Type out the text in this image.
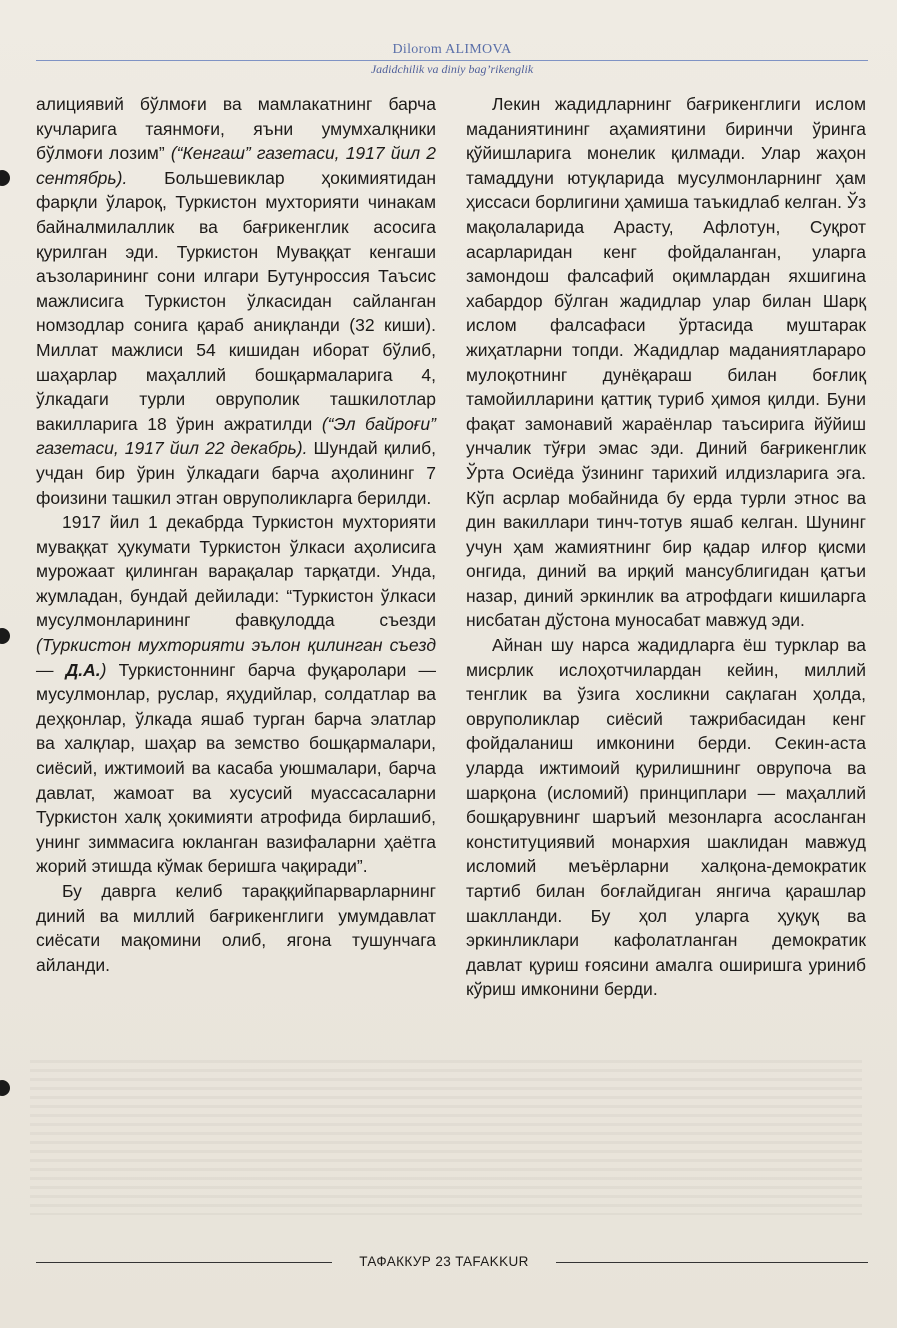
Dilorom ALIMOVA
Jadidchilik va diniy bag’rikenglik

алициявий бўлмоғи ва мамлакатнинг барча кучларига таянмоғи, яъни умумхалқники бўлмоғи лозим” (“Кенгаш” газетаси, 1917 йил 2 сентябрь). Большевиклар ҳокимиятидан фарқли ўлароқ, Туркистон мухторияти чинакам байналмилаллик ва бағрикенглик асосига қурилган эди. Туркистон Муваққат кенгаши аъзоларининг сони илгари Бутунроссия Таъсис мажлисига Туркистон ўлкасидан сайланган номзодлар сонига қараб аниқланди (32 киши). Миллат мажлиси 54 кишидан иборат бўлиб, шаҳарлар маҳаллий бошқармаларига 4, ўлкадаги турли овруполик ташкилотлар вакилларига 18 ўрин ажратилди (“Эл байроғи” газетаси, 1917 йил 22 декабрь). Шундай қилиб, учдан бир ўрин ўлкадаги барча аҳолининг 7 фоизини ташкил этган овруполикларга берилди.

1917 йил 1 декабрда Туркистон мухторияти муваққат ҳукумати Туркистон ўлкаси аҳолисига мурожаат қилинган варақалар тарқатди. Унда, жумладан, бундай дейилади: “Туркистон ўлкаси мусулмонларининг фавқулодда съезди (Туркистон мухторияти эълон қилинган съезд — Д.А.) Туркистоннинг барча фуқаролари — мусулмонлар, руслар, яҳудийлар, солдатлар ва деҳқонлар, ўлкада яшаб турган барча элатлар ва халқлар, шаҳар ва земство бошқармалари, сиёсий, ижтимоий ва касаба уюшмалари, барча давлат, жамоат ва хусусий муассасаларни Туркистон халқ ҳокимияти атрофида бирлашиб, унинг зиммасига юкланган вазифаларни ҳаётга жорий этишда кўмак беришга чақиради”.

Бу даврга келиб тараққийпарварларнинг диний ва миллий бағрикенглиги умумдавлат сиёсати мақомини олиб, ягона тушунчага айланди.

Лекин жадидларнинг бағрикенглиги ислом маданиятининг аҳамиятини биринчи ўринга қўйишларига монелик қилмади. Улар жаҳон тамаддуни ютуқларида мусулмонларнинг ҳам ҳиссаси борлигини ҳамиша таъкидлаб келган. Ўз мақолаларида Арасту, Афлотун, Суқрот асарларидан кенг фойдаланган, уларга замондош фалсафий оқимлардан яхшигина хабардор бўлган жадидлар улар билан Шарқ ислом фалсафаси ўртасида муштарак жиҳатларни топди. Жадидлар маданиятлараро мулоқотнинг дунёқараш билан боғлиқ тамойилларини қаттиқ туриб ҳимоя қилди. Буни фақат замонавий жараёнлар таъсирига йўйиш унчалик тўғри эмас эди. Диний бағрикенглик Ўрта Осиёда ўзининг тарихий илдизларига эга. Кўп асрлар мобайнида бу ерда турли этнос ва дин вакиллари тинч-тотув яшаб келган. Шунинг учун ҳам жамиятнинг бир қадар илғор қисми онгида, диний ва ирқий мансублигидан қатъи назар, диний эркинлик ва атрофдаги кишиларга нисбатан дўстона муносабат мавжуд эди.

Айнан шу нарса жадидларга ёш турклар ва мисрлик ислоҳотчилардан кейин, миллий тенглик ва ўзига хосликни сақлаган ҳолда, овруполиклар сиёсий тажрибасидан кенг фойдаланиш имконини берди. Секин-аста уларда ижтимоий қурилишнинг оврупоча ва шарқона (исломий) принциплари — маҳаллий бошқарувнинг шаръий мезонларга асосланган конституциявий монархия шаклидан мавжуд исломий меъёрларни халқона-демократик тартиб билан боғлайдиган янгича қарашлар шаклланди. Бу ҳол уларга ҳуқуқ ва эркинликлари кафолатланган демократик давлат қуриш ғоясини амалга оширишга уриниб кўриш имконини берди.

ТАФАККУР 23 TAFAKKUR
